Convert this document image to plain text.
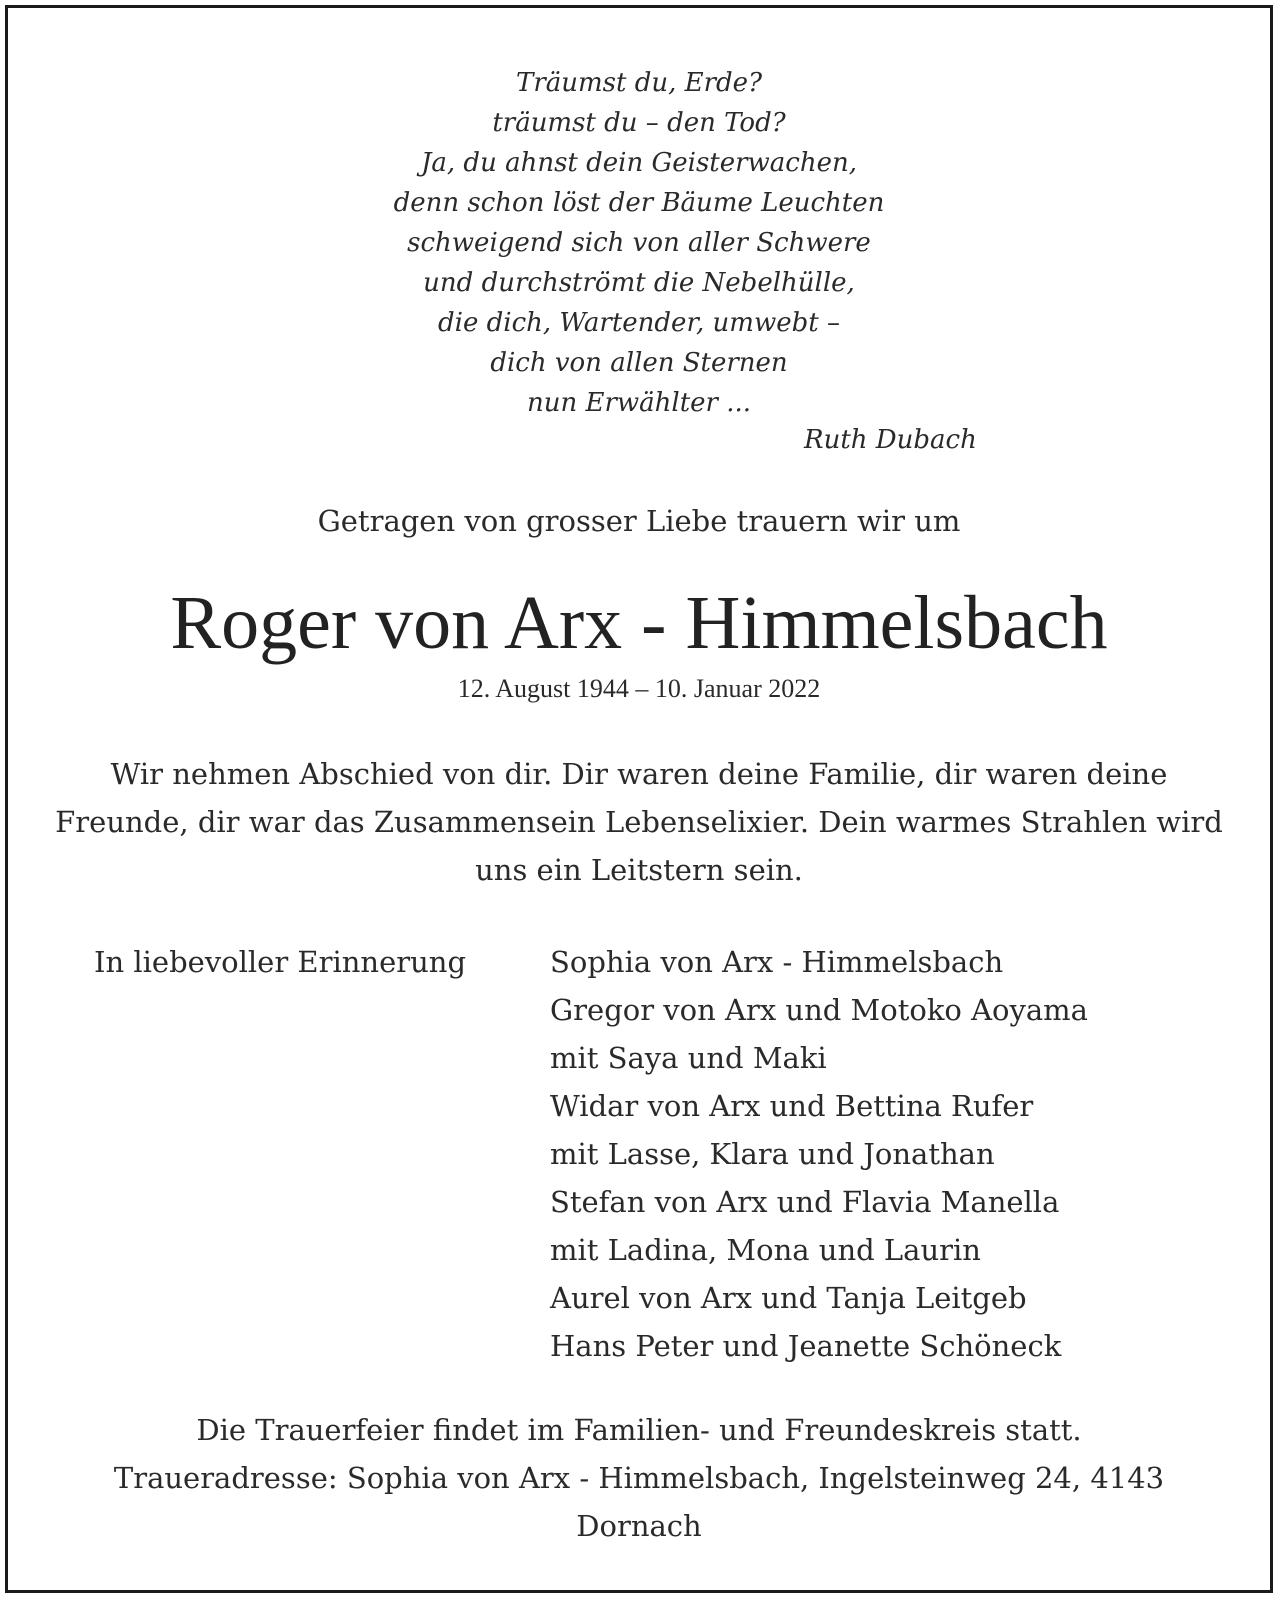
Träumst du, Erde?
träumst du – den Tod?
Ja, du ahnst dein Geisterwachen,
denn schon löst der Bäume Leuchten
schweigend sich von aller Schwere
und durchströmt die Nebelhülle,
die dich, Wartender, umwebt –
dich von allen Sternen
nun Erwählter ...
Ruth Dubach
Getragen von grosser Liebe trauern wir um
Roger von Arx - Himmelsbach
12. August 1944 – 10. Januar 2022
Wir nehmen Abschied von dir. Dir waren deine Familie, dir waren deine Freunde, dir war das Zusammensein Lebenselixier. Dein warmes Strahlen wird uns ein Leitstern sein.
In liebevoller Erinnerung	Sophia von Arx - Himmelsbach
Gregor von Arx und Motoko Aoyama
mit Saya und Maki
Widar von Arx und Bettina Rufer
mit Lasse, Klara und Jonathan
Stefan von Arx und Flavia Manella
mit Ladina, Mona und Laurin
Aurel von Arx und Tanja Leitgeb
Hans Peter und Jeanette Schöneck
Die Trauerfeier findet im Familien- und Freundeskreis statt.
Traueradresse: Sophia von Arx - Himmelsbach, Ingelsteinweg 24, 4143 Dornach
